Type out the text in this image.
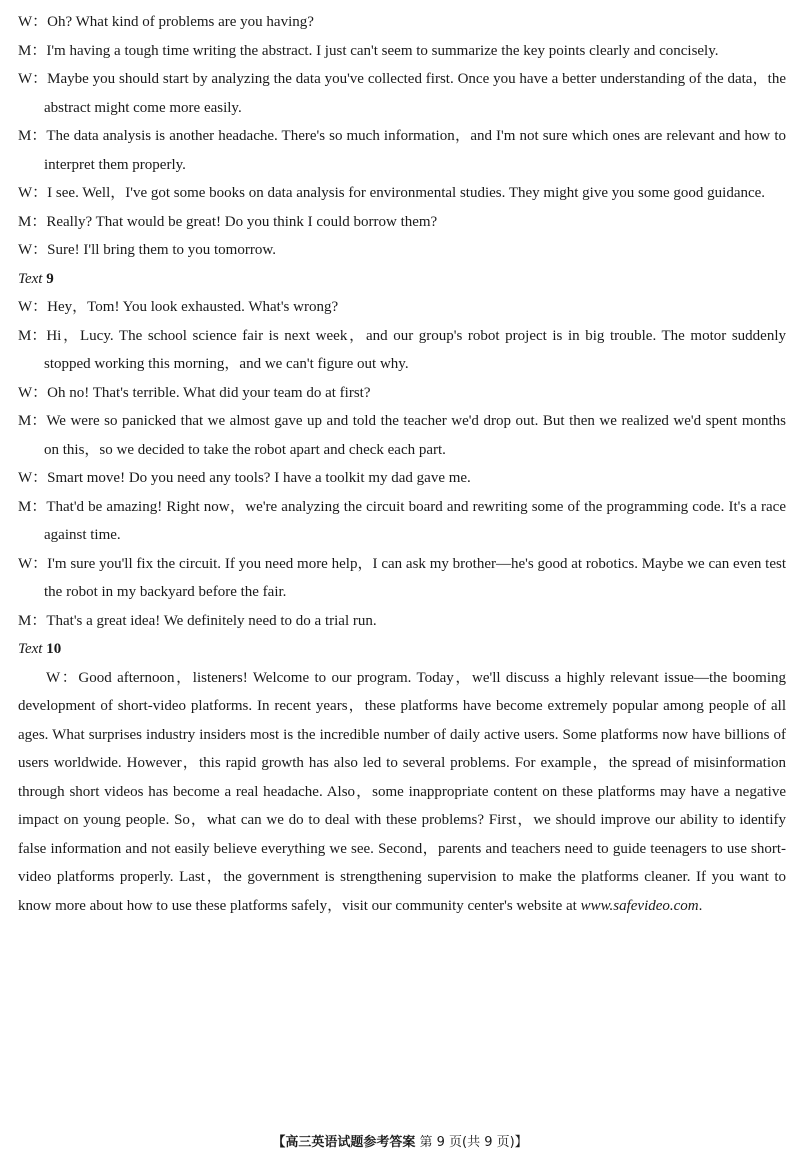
W：Oh? What kind of problems are you having?
M：I'm having a tough time writing the abstract. I just can't seem to summarize the key points clearly and concisely.
W：Maybe you should start by analyzing the data you've collected first. Once you have a better understanding of the data，the abstract might come more easily.
M：The data analysis is another headache. There's so much information，and I'm not sure which ones are relevant and how to interpret them properly.
W：I see. Well，I've got some books on data analysis for environmental studies. They might give you some good guidance.
M：Really? That would be great! Do you think I could borrow them?
W：Sure! I'll bring them to you tomorrow.
Text 9
W：Hey，Tom! You look exhausted. What's wrong?
M：Hi，Lucy. The school science fair is next week，and our group's robot project is in big trouble. The motor suddenly stopped working this morning，and we can't figure out why.
W：Oh no! That's terrible. What did your team do at first?
M：We were so panicked that we almost gave up and told the teacher we'd drop out. But then we realized we'd spent months on this，so we decided to take the robot apart and check each part.
W：Smart move! Do you need any tools? I have a toolkit my dad gave me.
M：That'd be amazing! Right now，we're analyzing the circuit board and rewriting some of the programming code. It's a race against time.
W：I'm sure you'll fix the circuit. If you need more help，I can ask my brother—he's good at robotics. Maybe we can even test the robot in my backyard before the fair.
M：That's a great idea! We definitely need to do a trial run.
Text 10
W：Good afternoon，listeners! Welcome to our program. Today，we'll discuss a highly relevant issue—the booming development of short-video platforms. In recent years，these platforms have become extremely popular among people of all ages. What surprises industry insiders most is the incredible number of daily active users. Some platforms now have billions of users worldwide. However，this rapid growth has also led to several problems. For example，the spread of misinformation through short videos has become a real headache. Also，some inappropriate content on these platforms may have a negative impact on young people. So，what can we do to deal with these problems? First，we should improve our ability to identify false information and not easily believe everything we see. Second，parents and teachers need to guide teenagers to use short-video platforms properly. Last，the government is strengthening supervision to make the platforms cleaner. If you want to know more about how to use these platforms safely，visit our community center's website at www.safevideo.com.
【高三英语试题参考答案 第 9 页(共 9 页)】
